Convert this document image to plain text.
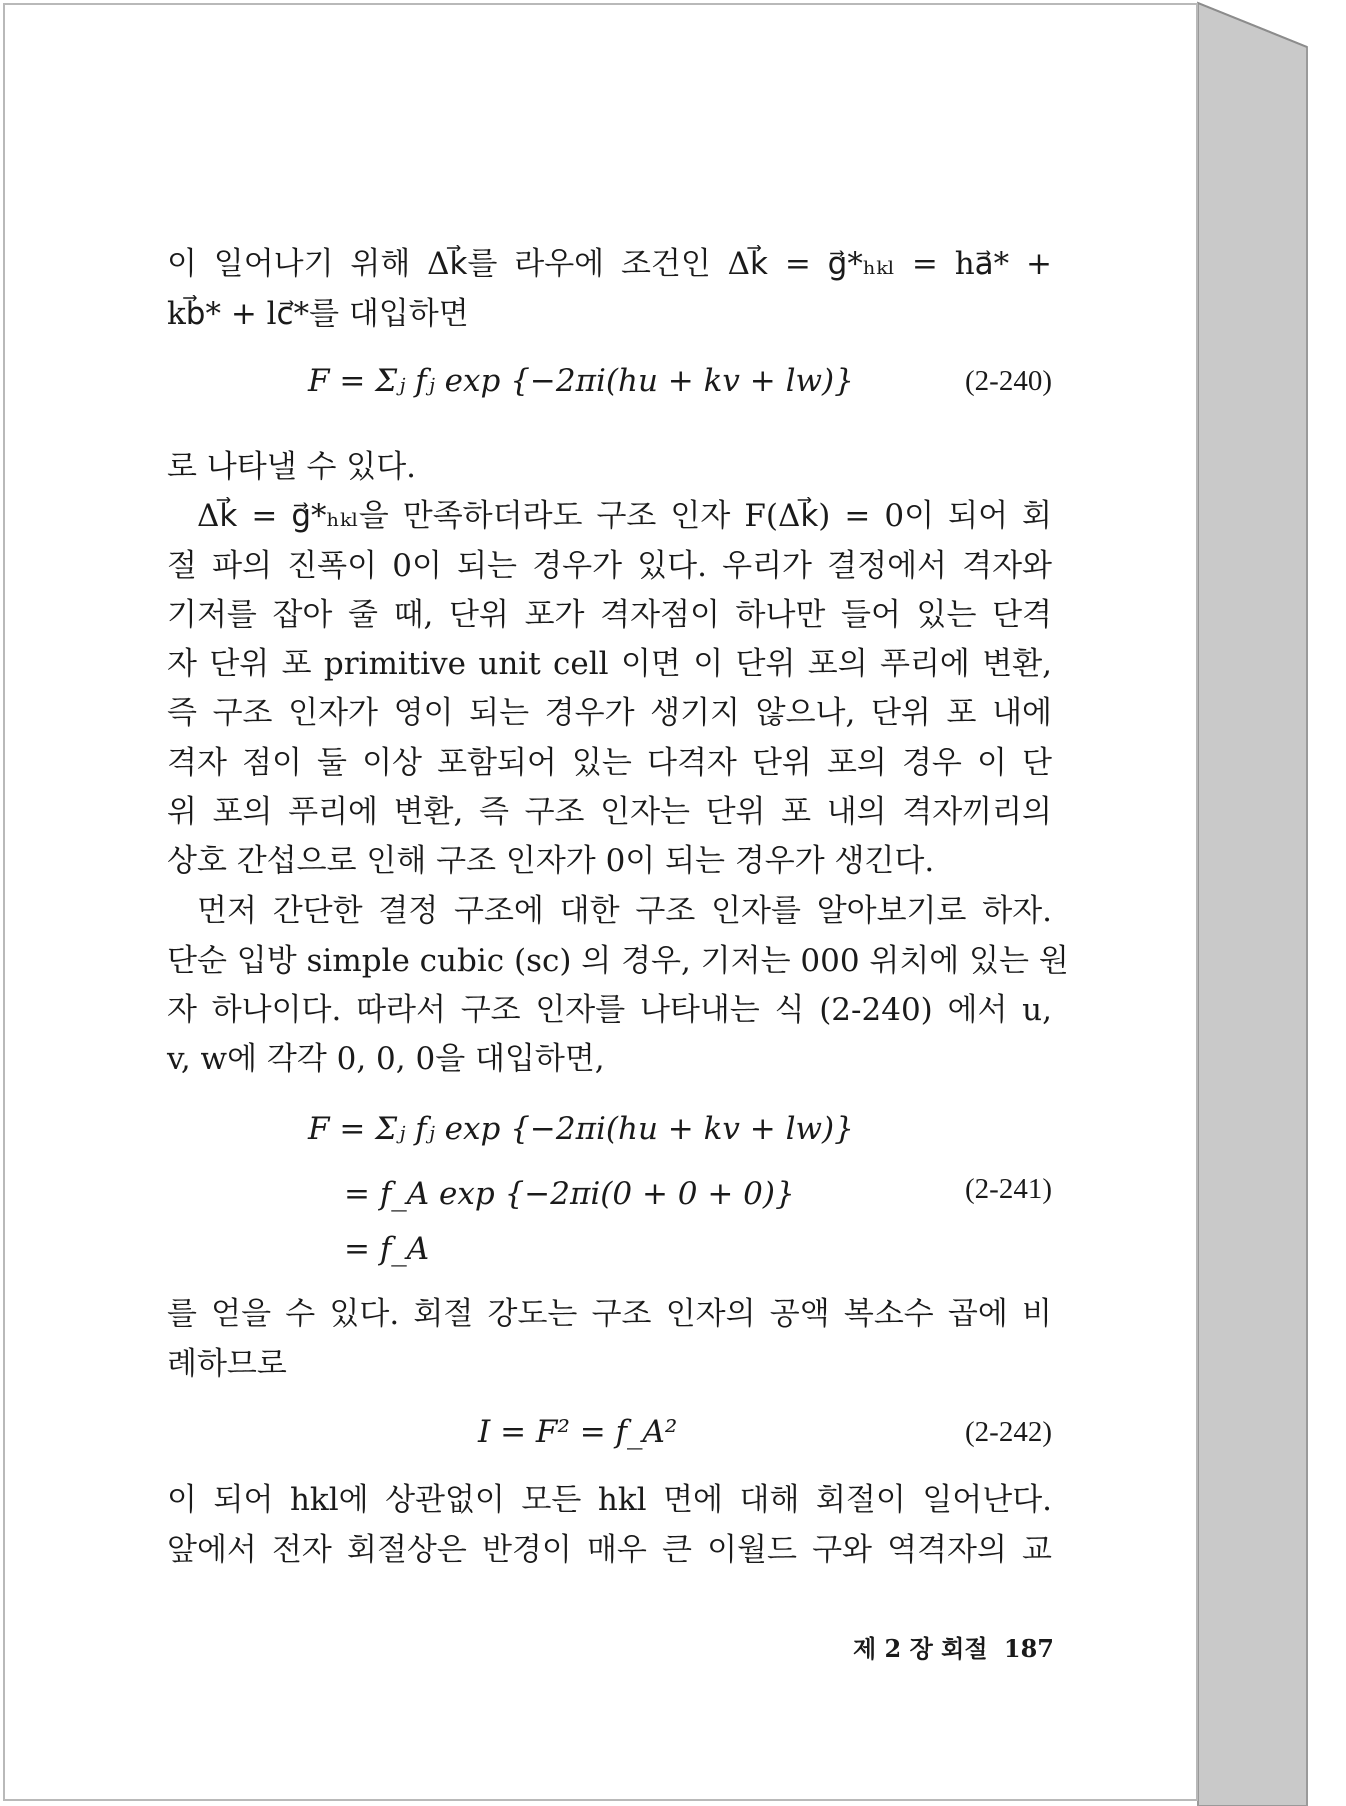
이 일어나기 위해 Δk⃗를 라우에 조건인 Δk⃗ = g⃗*ₕₖₗ = ha⃗* +
kb⃗* + lc⃗*를 대입하면
F = Σⱼ fⱼ exp {−2πi(hu + kv + lw)}	(2-240)
로 나타낼 수 있다.
Δk⃗ = g⃗*ₕₖₗ을 만족하더라도 구조 인자 F(Δk⃗) = 0이 되어 회
절 파의 진폭이 0이 되는 경우가 있다. 우리가 결정에서 격자와
기저를 잡아 줄 때, 단위 포가 격자점이 하나만 들어 있는 단격
자 단위 포 primitive unit cell 이면 이 단위 포의 푸리에 변환,
즉 구조 인자가 영이 되는 경우가 생기지 않으나, 단위 포 내에
격자 점이 둘 이상 포함되어 있는 다격자 단위 포의 경우 이 단
위 포의 푸리에 변환, 즉 구조 인자는 단위 포 내의 격자끼리의
상호 간섭으로 인해 구조 인자가 0이 되는 경우가 생긴다.
먼저 간단한 결정 구조에 대한 구조 인자를 알아보기로 하자.
단순 입방 simple cubic (sc) 의 경우, 기저는 000 위치에 있는 원
자 하나이다. 따라서 구조 인자를 나타내는 식 (2-240) 에서 u,
v, w에 각각 0, 0, 0을 대입하면,
F = Σⱼ fⱼ exp {−2πi(hu + kv + lw)}
= f_A exp {−2πi(0 + 0 + 0)}	(2-241)
= f_A
를 얻을 수 있다. 회절 강도는 구조 인자의 공액 복소수 곱에 비
례하므로
I = F² = f_A²	(2-242)
이 되어 hkl에 상관없이 모든 hkl 면에 대해 회절이 일어난다.
앞에서 전자 회절상은 반경이 매우 큰 이월드 구와 역격자의 교
제 2 장 회절 187
